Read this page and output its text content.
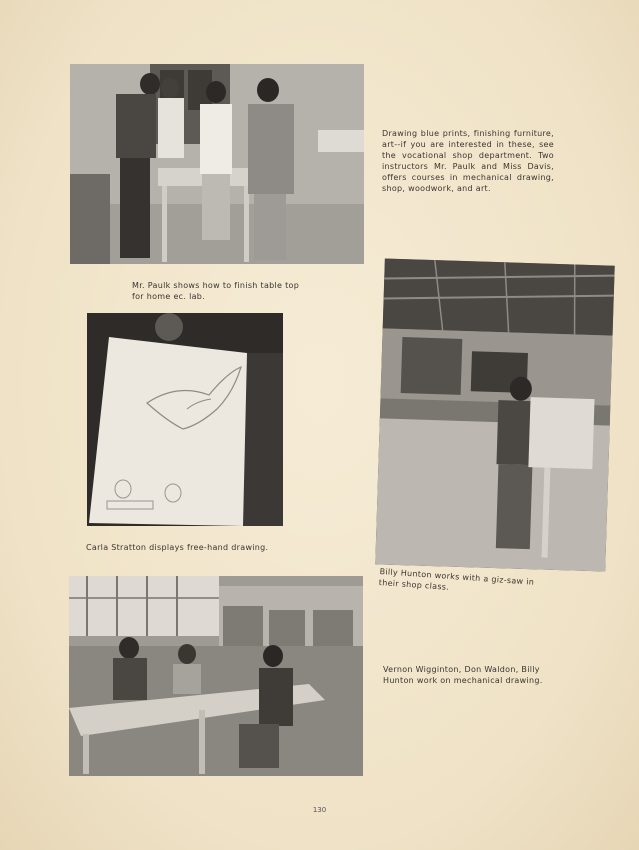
Drawing blue prints, finishing furniture, art--if you are interested in these, see the vocational shop department. Two instructors Mr. Paulk and Miss Davis, offers courses in mechanical drawing, shop, woodwork, and art.
Mr. Paulk shows how to finish table top for home ec. lab.
Carla Stratton displays free-hand drawing.
Billy Hunton works with a giz-saw in their shop class.
Vernon Wigginton, Don Waldon, Billy Hunton work on mechanical drawing.
130
